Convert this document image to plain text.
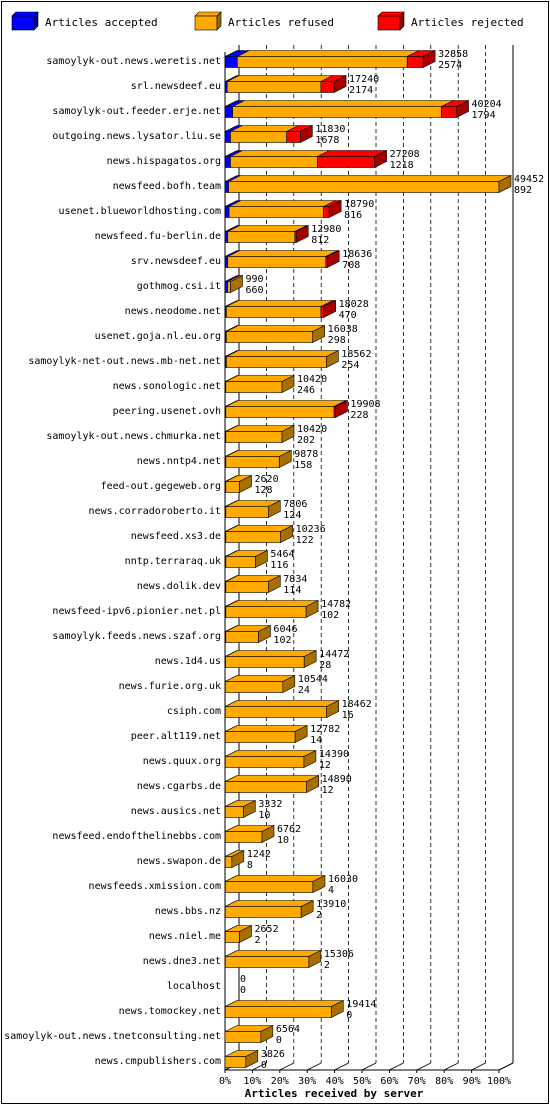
Articles accepted	Articles refused	Articles rejected
0% 10% 20% 30% 40% 50% 60% 70% 80% 90% 100%
Articles received by server
samoylyk-out.news.weretis.net
32858
2574
srl.newsdeef.eu
17240
2174
samoylyk-out.feeder.erje.net
40204
1794
outgoing.news.lysator.liu.se
11830
1678
news.hispagatos.org
27208
1218
newsfeed.bofh.team
49452
892
usenet.blueworldhosting.com
18790
816
newsfeed.fu-berlin.de
12980
812
srv.newsdeef.eu
18636
708
gothmog.csi.it
990
660
news.neodome.net
18028
470
usenet.goja.nl.eu.org
16038
298
samoylyk-net-out.news.mb-net.net
18562
254
news.sonologic.net
10420
246
peering.usenet.ovh
19908
228
samoylyk-out.news.chmurka.net
10420
202
news.nntp4.net
9878
158
feed-out.gegeweb.org
2620
128
news.corradoroberto.it
7806
124
newsfeed.xs3.de
10236
122
nntp.terraraq.uk
5464
116
news.dolik.dev
7834
114
newsfeed-ipv6.pionier.net.pl
14782
102
samoylyk.feeds.news.szaf.org
6046
102
news.1d4.us
14472
28
news.furie.org.uk
10544
24
csiph.com
18462
16
peer.alt119.net
12782
14
news.quux.org
14390
12
news.cgarbs.de
14890
12
news.ausics.net
3332
10
newsfeed.endofthelinebbs.com
6762
10
news.swapon.de
1242
8
newsfeeds.xmission.com
16030
4
news.bbs.nz
13910
2
news.niel.me
2652
2
news.dne3.net
15306
2
localhost
0
0
news.tomockey.net
19414
0
samoylyk-out.news.tnetconsulting.net
6564
0
news.cmpublishers.com
3826
0
